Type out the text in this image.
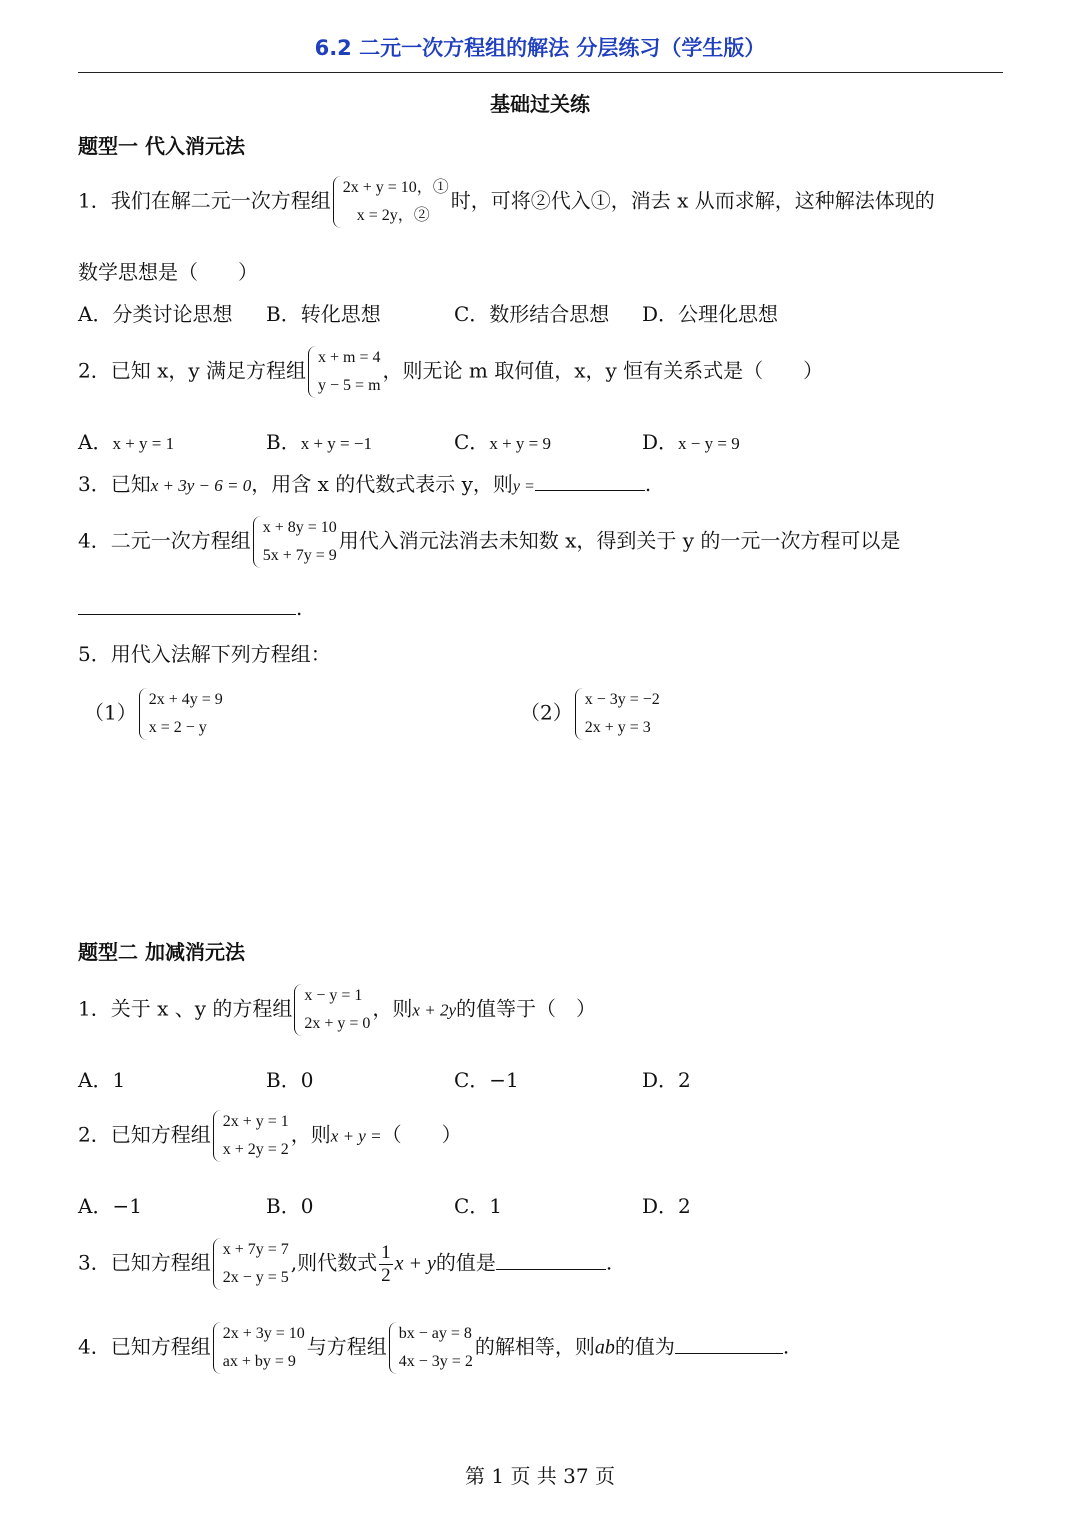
6.2 二元一次方程组的解法 分层练习（学生版）
基础过关练
题型一 代入消元法
1．我们在解二元一次方程组
2x + y = 10，①
x = 2y，②
时，可将②代入①，消去 x 从而求解，这种解法体现的
数学思想是（　　）
A．分类讨论思想 B．转化思想	C．数形结合思想 D．公理化思想
2．已知 x，y 满足方程组
x + m = 4
y − 5 = m
，则无论 m 取何值，x，y 恒有关系式是（　　）
A．x + y = 1	B．x + y = −1	C．x + y = 9	D．x − y = 9
3．已知x + 3y − 6 = 0，用含 x 的代数式表示 y，则y =	.
4．二元一次方程组
x + 8y = 10
5x + 7y = 9
用代入消元法消去未知数 x，得到关于 y 的一元一次方程可以是
.
5．用代入法解下列方程组：
（1）
2x + 4y = 9
x = 2 − y
（2）
x − 3y = −2
2x + y = 3
题型二 加减消元法
1．关于 x 、y 的方程组
x − y = 1
2x + y = 0
，则x + 2y的值等于（　）
A．1	B．0	C．−1	D．2
2．已知方程组
2x + y = 1
x + 2y = 2
，则x + y =（　　）
A．−1	B．0	C．1	D．2
3．已知方程组
x + 7y = 7
2x − y = 5
,则代数式 $\frac{1}{2}$ x + y的值是	.
4．已知方程组
2x + 3y = 10
ax + by = 9
与方程组
bx − ay = 8
4x − 3y = 2
的解相等，则ab的值为	.
第 1 页 共 37 页
